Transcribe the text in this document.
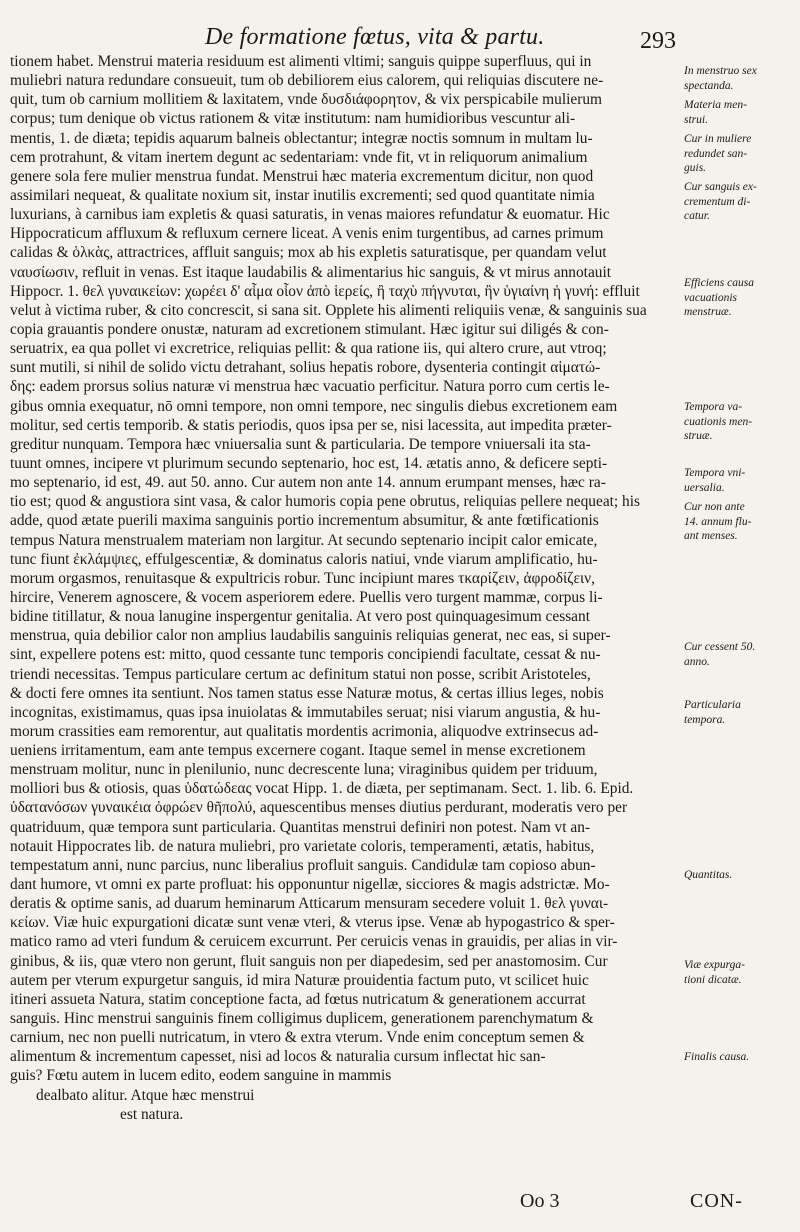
De formatione fœtus, vita & partu.	293
tionem habet. Menstrui materia residuum est alimenti vltimi; sanguis quippe superfluus, qui in
muliebri natura redundare consueuit, tum ob debiliorem eius calorem, qui reliquias discutere ne-
quit, tum ob carnium mollitiem & laxitatem, vnde δυσδιάφορητον, & vix perspicabile mulierum
corpus; tum denique ob victus rationem & vitæ institutum: nam humidioribus vescuntur ali-
mentis, 1. de diæta; tepidis aquarum balneis oblectantur; integræ noctis somnum in multam lu-
cem protrahunt, & vitam inertem degunt ac sedentariam: vnde fit, vt in reliquorum animalium
genere sola fere mulier menstrua fundat. Menstrui hæc materia excrementum dicitur, non quod
assimilari nequeat, & qualitate noxium sit, instar inutilis excrementi; sed quod quantitate nimia
luxurians, à carnibus iam expletis & quasi saturatis, in venas maiores refundatur & euomatur. Hic
Hippocraticum affluxum & refluxum cernere liceat. A venis enim turgentibus, ad carnes primum
calidas & ὁλκὰς, attractrices, affluit sanguis; mox ab his expletis saturatisque, per quandam velut
ναυσίωσιν, refluit in venas. Est itaque laudabilis & alimentarius hic sanguis, & vt mirus annotauit
Hippocr. 1. θελ γυναικείων: χωρέει δ' αἷμα οἷον ἀπὸ ἱερείς, ἢ ταχὺ πήγνυται, ἢν ὑγιαίνη ἡ γυνή: effluit
velut à victima ruber, & cito concrescit, si sana sit. Opplete his alimenti reliquiis venæ, & sanguinis sua
copia grauantis pondere onustæ, naturam ad excretionem stimulant. Hæc igitur sui diligés & con-
seruatrix, ea qua pollet vi excretrice, reliquias pellit: & qua ratione iis, qui altero crure, aut vtroq;
sunt mutili, si nihil de solido victu detrahant, solius hepatis robore, dysenteria contingit αἱματώ-
δης: eadem prorsus solius naturæ vi menstrua hæc vacuatio perficitur. Natura porro cum certis le-
gibus omnia exequatur, nō omni tempore, non omni tempore, nec singulis diebus excretionem eam
molitur, sed certis temporib. & statis periodis, quos ipsa per se, nisi lacessita, aut impedita præter-
greditur nunquam. Tempora hæc vniuersalia sunt & particularia. De tempore vniuersali ita sta-
tuunt omnes, incipere vt plurimum secundo septenario, hoc est, 14. ætatis anno, & deficere septi-
mo septenario, id est, 49. aut 50. anno. Cur autem non ante 14. annum erumpant menses, hæc ra-
tio est; quod & angustiora sint vasa, & calor humoris copia pene obrutus, reliquias pellere nequeat; his
adde, quod ætate puerili maxima sanguinis portio incrementum absumitur, & ante fœtificationis
tempus Natura menstrualem materiam non largitur. At secundo septenario incipit calor emicate,
tunc fiunt ἐκλάμψιες, effulgescentiæ, & dominatus caloris natiui, vnde viarum amplificatio, hu-
morum orgasmos, renuitasque & expultricis robur. Tunc incipiunt mares τκαρίζειν, ἀφροδίζειν,
hircire, Venerem agnoscere, & vocem asperiorem edere. Puellis vero turgent mammæ, corpus li-
bidine titillatur, & noua lanugine inspergentur genitalia. At vero post quinquagesimum cessant
menstrua, quia debilior calor non amplius laudabilis sanguinis reliquias generat, nec eas, si super-
sint, expellere potens est: mitto, quod cessante tunc temporis concipiendi facultate, cessat & nu-
triendi necessitas. Tempus particulare certum ac definitum statui non posse, scribit Aristoteles,
& docti fere omnes ita sentiunt. Nos tamen status esse Naturæ motus, & certas illius leges, nobis
incognitas, existimamus, quas ipsa inuiolatas & immutabiles seruat; nisi viarum angustia, & hu-
morum crassities eam remorentur, aut qualitatis mordentis acrimonia, aliquodve extrinsecus ad-
ueniens irritamentum, eam ante tempus excernere cogant. Itaque semel in mense excretionem
menstruam molitur, nunc in plenilunio, nunc decrescente luna; viraginibus quidem per triduum,
molliori bus & otiosis, quas ὑδατώδεας vocat Hipp. 1. de diæta, per septimanam. Sect. 1. lib. 6. Epid.
ὑδατανόσων γυναικέια ὀφρώεν θῆπολύ, aquescentibus menses diutius perdurant, moderatis vero per
quatriduum, quæ tempora sunt particularia. Quantitas menstrui definiri non potest. Nam vt an-
notauit Hippocrates lib. de natura muliebri, pro varietate coloris, temperamenti, ætatis, habitus,
tempestatum anni, nunc parcius, nunc liberalius profluit sanguis. Candidulæ tam copioso abun-
dant humore, vt omni ex parte profluat: his opponuntur nigellæ, sicciores & magis adstrictæ. Mo-
deratis & optime sanis, ad duarum heminarum Atticarum mensuram secedere voluit 1. θελ γυναι-
κείων. Viæ huic expurgationi dicatæ sunt venæ vteri, & vterus ipse. Venæ ab hypogastrico & sper-
matico ramo ad vteri fundum & ceruicem excurrunt. Per ceruicis venas in grauidis, per alias in vir-
ginibus, & iis, quæ vtero non gerunt, fluit sanguis non per diapedesim, sed per anastomosim. Cur
autem per vterum expurgetur sanguis, id mira Naturæ prouidentia factum puto, vt scilicet huic
itineri assueta Natura, statim conceptione facta, ad fœtus nutricatum & generationem accurrat
sanguis. Hinc menstrui sanguinis finem colligimus duplicem, generationem parenchymatum &
carnium, nec non puelli nutricatum, in vtero & extra vterum. Vnde enim conceptum semen &
alimentum & incrementum capesset, nisi ad locos & naturalia cursum inflectat hic san-
guis? Fœtu autem in lucem edito, eodem sanguine in mammis
dealbato alitur. Atque hæc menstrui
est natura.
In menstruo sex
spectanda.
Materia men-
strui.
Cur in muliere
redundet san-
guis.
Cur sanguis ex-
crementum di-
catur.
Efficiens causa
vacuationis
menstruæ.
Tempora va-
cuationis men-
struæ.
Tempora vni-
uersalia.
Cur non ante
14. annum flu-
ant menses.
Cur cessent 50.
anno.
Particularia
tempora.
Quantitas.
Viæ expurga-
tioni dicatæ.
Finalis causa.
Oo 3	CON-
